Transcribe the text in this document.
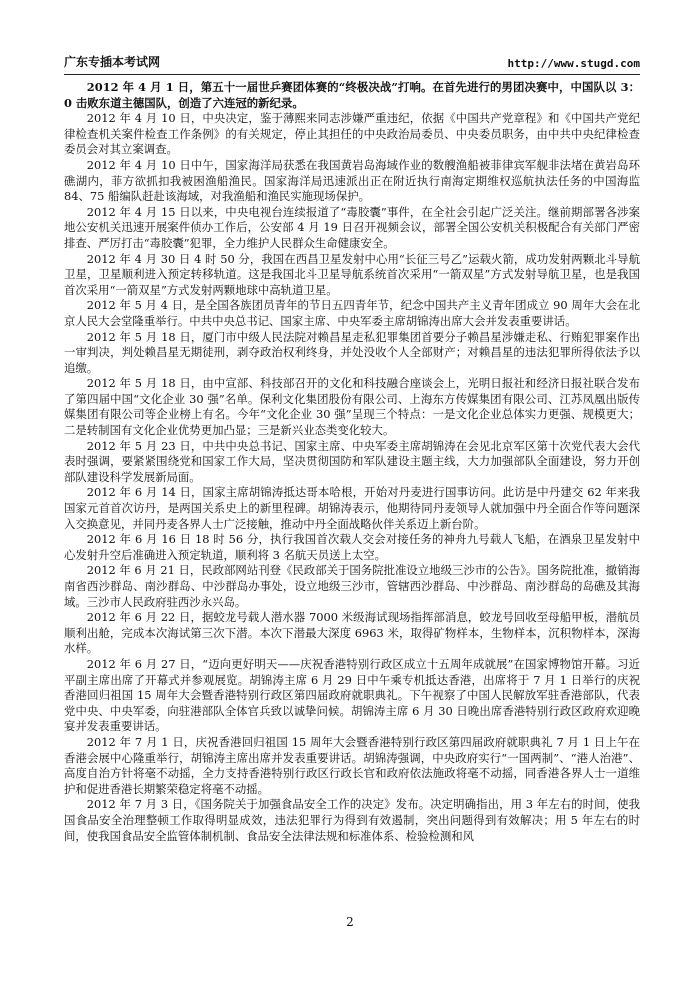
广东专插本考试网	http://www.stugd.com

2012 年 4 月 1 日，第五十一届世乒赛团体赛的“终极决战”打响。在首先进行的男团决赛中，中国队以 3：0 击败东道主德国队，创造了六连冠的新纪录。

2012 年 4 月 10 日，中央决定，鉴于薄熙来同志涉嫌严重违纪，依据《中国共产党章程》和《中国共产党纪律检查机关案件检查工作条例》的有关规定，停止其担任的中央政治局委员、中央委员职务，由中共中央纪律检查委员会对其立案调查。

2012 年 4 月 10 日中午，国家海洋局获悉在我国黄岩岛海域作业的数艘渔船被菲律宾军舰非法堵在黄岩岛环礁湖内，菲方欲抓扣我被困渔船渔民。国家海洋局迅速派出正在附近执行南海定期维权巡航执法任务的中国海监 84、75 船编队赶赴该海域，对我渔船和渔民实施现场保护。

2012 年 4 月 15 日以来，中央电视台连续报道了“毒胶囊”事件，在全社会引起广泛关注。继前期部署各涉案地公安机关迅速开展案件侦办工作后，公安部 4 月 19 日召开视频会议，部署全国公安机关积极配合有关部门严密排查、严厉打击“毒胶囊”犯罪，全力维护人民群众生命健康安全。

2012 年 4 月 30 日 4 时 50 分，我国在西昌卫星发射中心用“长征三号乙”运载火箭，成功发射两颗北斗导航卫星，卫星顺利进入预定转移轨道。这是我国北斗卫星导航系统首次采用“一箭双星”方式发射导航卫星，也是我国首次采用“一箭双星”方式发射两颗地球中高轨道卫星。

2012 年 5 月 4 日，是全国各族团员青年的节日五四青年节，纪念中国共产主义青年团成立 90 周年大会在北京人民大会堂隆重举行。中共中央总书记、国家主席、中央军委主席胡锦涛出席大会并发表重要讲话。

2012 年 5 月 18 日，厦门市中级人民法院对赖昌星走私犯罪集团首要分子赖昌星涉嫌走私、行贿犯罪案作出一审判决，判处赖昌星无期徒刑，剥夺政治权利终身，并处没收个人全部财产；对赖昌星的违法犯罪所得依法予以追缴。

2012 年 5 月 18 日，由中宣部、科技部召开的文化和科技融合座谈会上，光明日报社和经济日报社联合发布了第四届中国“文化企业 30 强”名单。保利文化集团股份有限公司、上海东方传媒集团有限公司、江苏凤凰出版传媒集团有限公司等企业榜上有名。今年“文化企业 30 强”呈现三个特点：一是文化企业总体实力更强、规模更大；二是转制国有文化企业优势更加凸显；三是新兴业态类变化较大。

2012 年 5 月 23 日，中共中央总书记、国家主席、中央军委主席胡锦涛在会见北京军区第十次党代表大会代表时强调，要紧紧围绕党和国家工作大局，坚决贯彻国防和军队建设主题主线，大力加强部队全面建设，努力开创部队建设科学发展新局面。

2012 年 6 月 14 日，国家主席胡锦涛抵达哥本哈根，开始对丹麦进行国事访问。此访是中丹建交 62 年来我国家元首首次访丹，是两国关系史上的新里程碑。胡锦涛表示，他期待同丹麦领导人就加强中丹全面合作等问题深入交换意见，并同丹麦各界人士广泛接触，推动中丹全面战略伙伴关系迈上新台阶。

2012 年 6 月 16 日 18 时 56 分，执行我国首次载人交会对接任务的神舟九号载人飞船，在酒泉卫星发射中心发射升空后准确进入预定轨道，顺利将 3 名航天员送上太空。

2012 年 6 月 21 日，民政部网站刊登《民政部关于国务院批准设立地级三沙市的公告》。国务院批准，撤销海南省西沙群岛、南沙群岛、中沙群岛办事处，设立地级三沙市，管辖西沙群岛、中沙群岛、南沙群岛的岛礁及其海域。三沙市人民政府驻西沙永兴岛。

2012 年 6 月 22 日，据蛟龙号载人潜水器 7000 米级海试现场指挥部消息，蛟龙号回收至母船甲板，潜航员顺利出舱，完成本次海试第三次下潜。本次下潜最大深度 6963 米，取得矿物样本，生物样本，沉积物样本，深海水样。

2012 年 6 月 27 日，“迈向更好明天——庆祝香港特别行政区成立十五周年成就展”在国家博物馆开幕。习近平副主席出席了开幕式并参观展览。胡锦涛主席 6 月 29 日中午乘专机抵达香港，出席将于 7 月 1 日举行的庆祝香港回归祖国 15 周年大会暨香港特别行政区第四届政府就职典礼。下午视察了中国人民解放军驻香港部队，代表党中央、中央军委，向驻港部队全体官兵致以诚挚问候。胡锦涛主席 6 月 30 日晚出席香港特别行政区政府欢迎晚宴并发表重要讲话。

2012 年 7 月 1 日，庆祝香港回归祖国 15 周年大会暨香港特别行政区第四届政府就职典礼 7 月 1 日上午在香港会展中心隆重举行，胡锦涛主席出席并发表重要讲话。胡锦涛强调，中央政府实行“一国两制”、“港人治港”、高度自治方针将毫不动摇，全力支持香港特别行政区行政长官和政府依法施政将毫不动摇，同香港各界人士一道维护和促进香港长期繁荣稳定将毫不动摇。

2012 年 7 月 3 日，《国务院关于加强食品安全工作的决定》发布。决定明确指出，用 3 年左右的时间，使我国食品安全治理整顿工作取得明显成效，违法犯罪行为得到有效遏制，突出问题得到有效解决；用 5 年左右的时间，使我国食品安全监管体制机制、食品安全法律法规和标准体系、检验检测和风

2
